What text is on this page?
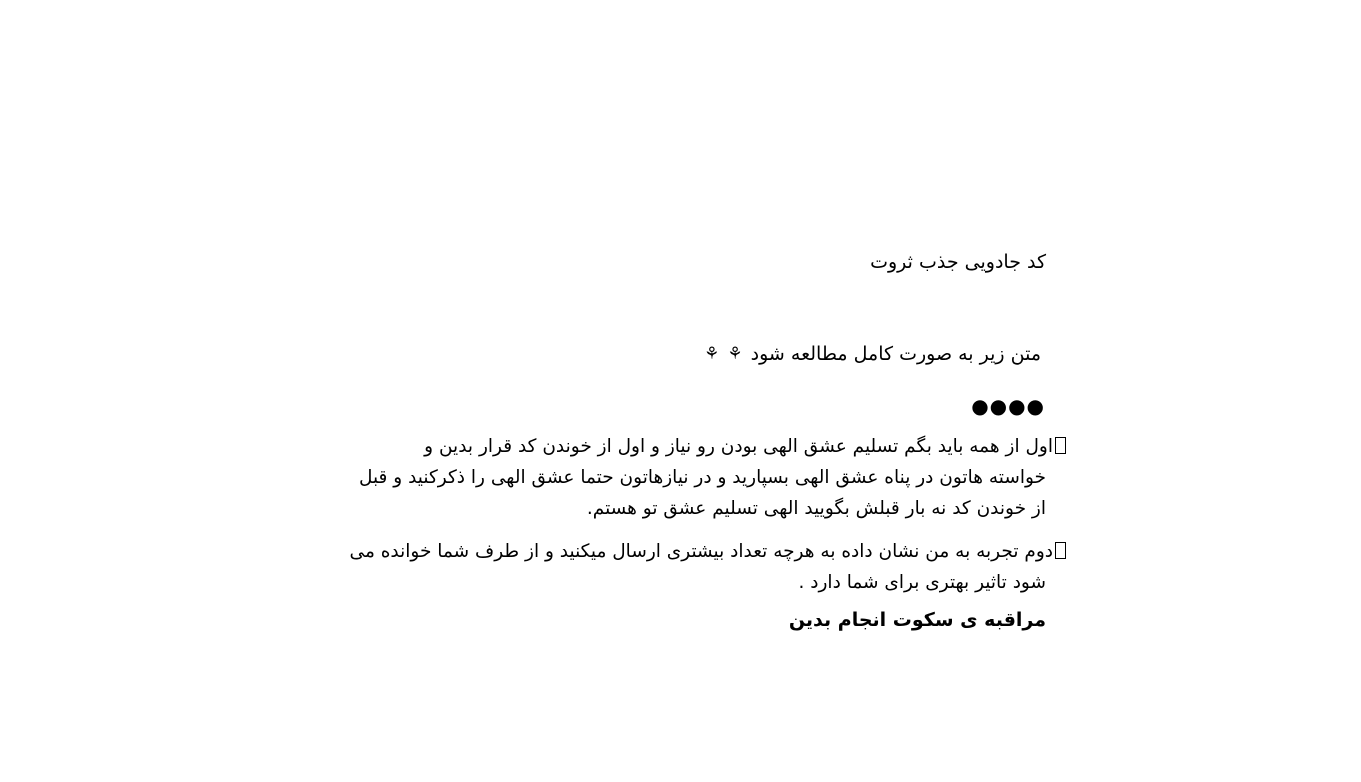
کد جادویی جذب ثروت
متن زیر به صورت کامل مطالعه شود
⚘
⚘
●●●●
اول از همه باید بگم تسلیم عشق الهی بودن رو نیاز و اول از خوندن کد قرار بدین و
خواسته هاتون در پناه عشق الهی بسپارید و در نیازهاتون حتما عشق الهی را ذکرکنید و قبل
از خوندن کد نه بار قبلش بگویید الهی تسلیم عشق تو هستم.
دوم تجربه به من نشان داده به هرچه تعداد بیشتری ارسال میکنید و از طرف شما خوانده می
شود تاثیر بهتری برای شما دارد .
مراقبه ی سکوت انجام بدین
